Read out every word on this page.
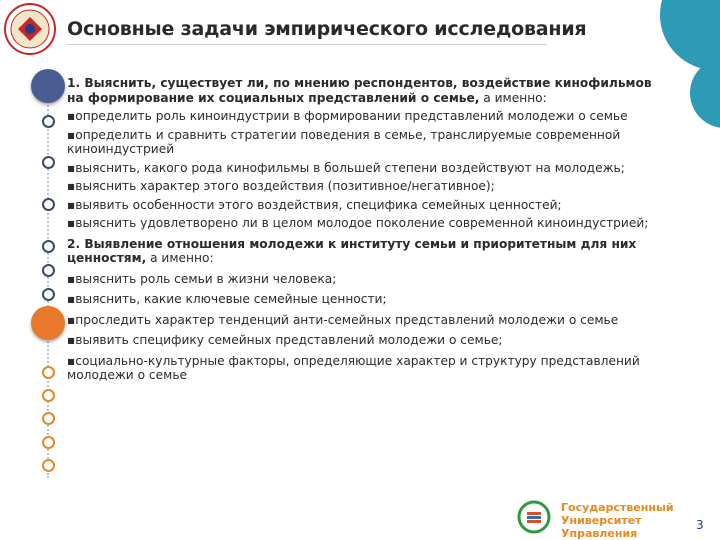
Основные задачи эмпирического исследования

1. Выяснить, существует ли, по мнению респондентов, воздействие кинофильмов на формирование их социальных представлений о семье, а именно:

▪определить роль киноиндустрии в формировании представлений молодежи о семье

▪определить и сравнить стратегии поведения в семье, транслируемые современной киноиндустрией

▪выяснить, какого рода кинофильмы в большей степени воздействуют на молодежь;

▪выяснить характер этого воздействия (позитивное/негативное);

▪выявить особенности этого воздействия, специфика семейных ценностей;

▪выяснить удовлетворено ли в целом молодое поколение современной киноиндустрией;

2. Выявление отношения молодежи к институту семьи и приоритетным для них ценностям, а именно:

▪выяснить роль семьи в жизни человека;

▪выяснить, какие ключевые семейные ценности;

▪проследить характер тенденций анти-семейных представлений молодежи о семье

▪выявить специфику семейных представлений молодежи о семье;

▪социально-культурные факторы, определяющие характер и структуру представлений молодежи о семье

Государственный
Университет Управления
3
